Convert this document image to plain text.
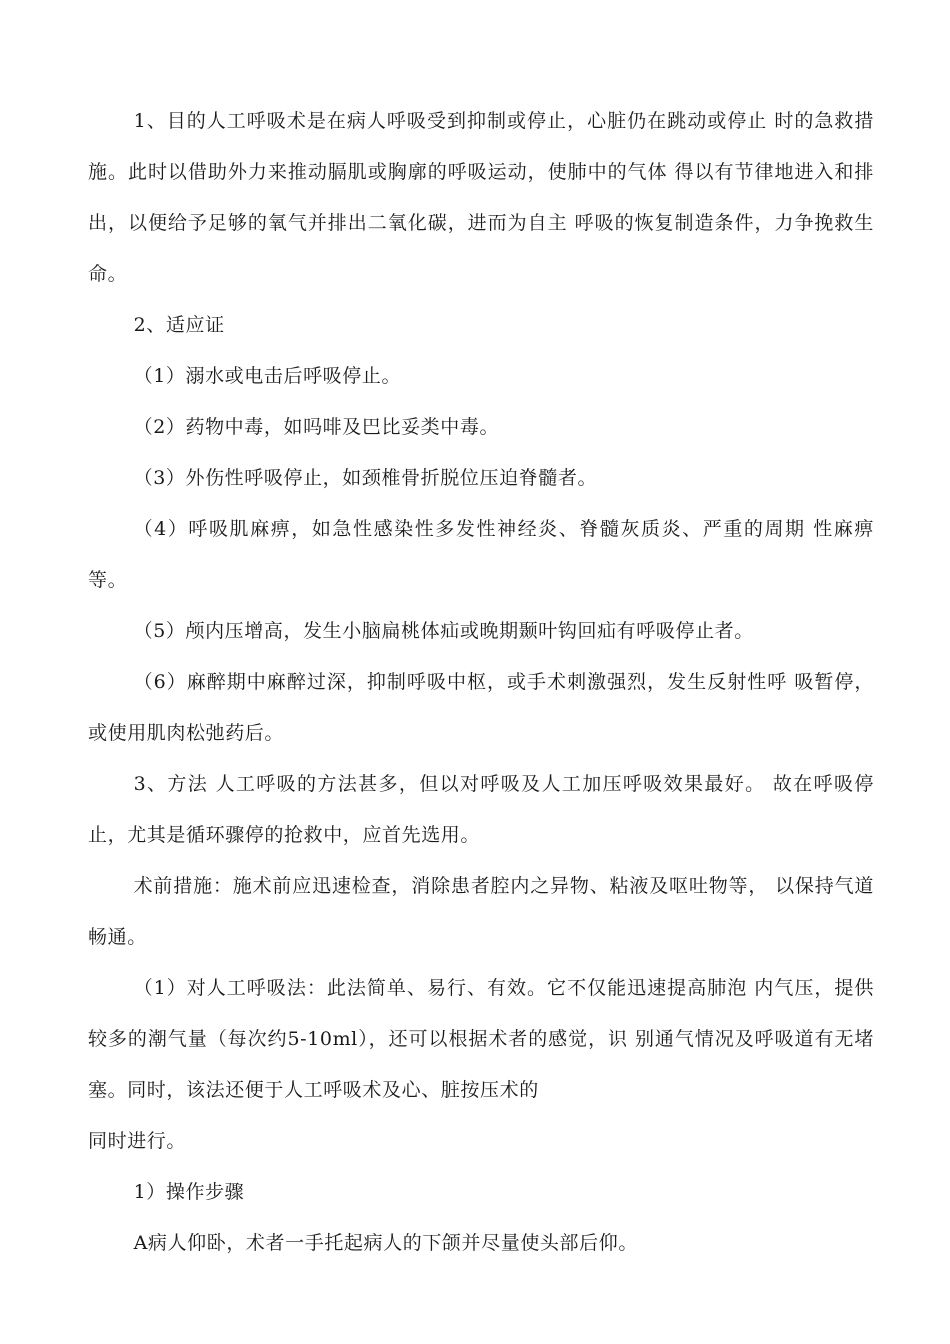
1、目的人工呼吸术是在病人呼吸受到抑制或停止，心脏仍在跳动或停止 时的急救措施。此时以借助外力来推动膈肌或胸廓的呼吸运动，使肺中的气体 得以有节律地进入和排出，以便给予足够的氧气并排出二氧化碳，进而为自主 呼吸的恢复制造条件，力争挽救生命。

2、适应证

（1）溺水或电击后呼吸停止。

（2）药物中毒，如吗啡及巴比妥类中毒。

（3）外伤性呼吸停止，如颈椎骨折脱位压迫脊髓者。

（4）呼吸肌麻痹，如急性感染性多发性神经炎、脊髓灰质炎、严重的周期 性麻痹等。

（5）颅内压增高，发生小脑扁桃体疝或晚期颞叶钩回疝有呼吸停止者。

（6）麻醉期中麻醉过深，抑制呼吸中枢，或手术刺激强烈，发生反射性呼 吸暂停，或使用肌肉松弛药后。

3、方法 人工呼吸的方法甚多，但以对呼吸及人工加压呼吸效果最好。 故在呼吸停止，尤其是循环骤停的抢救中，应首先选用。

术前措施：施术前应迅速检查，消除患者腔内之异物、粘液及呕吐物等， 以保持气道畅通。

（1）对人工呼吸法：此法简单、易行、有效。它不仅能迅速提高肺泡 内气压，提供较多的潮气量（每次约5-10ml），还可以根据术者的感觉，识 别通气情况及呼吸道有无堵塞。同时，该法还便于人工呼吸术及心、脏按压术的

同时进行。

1）操作步骤

A病人仰卧，术者一手托起病人的下颌并尽量使头部后仰。
